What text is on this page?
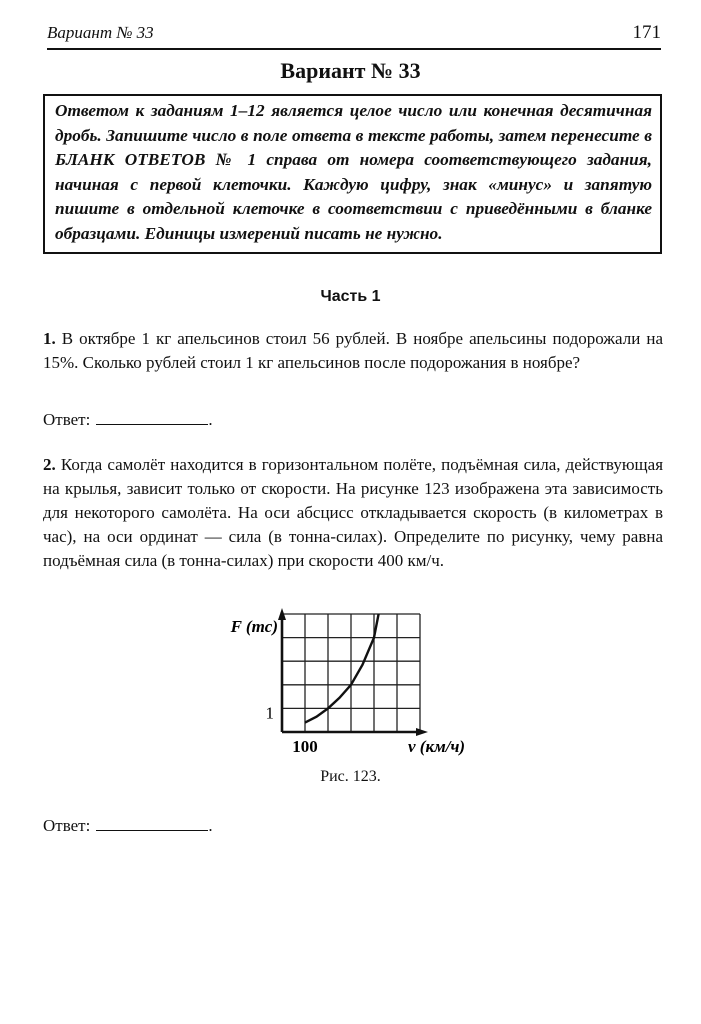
Вариант № 33	171
Вариант № 33
Ответом к заданиям 1–12 является целое число или конечная десятичная дробь. Запишите число в поле ответа в тексте работы, затем перенесите в БЛАНК ОТВЕТОВ № 1 справа от номера соответствующего задания, начиная с первой клеточки. Каждую цифру, знак «минус» и запятую пишите в отдельной клеточке в соответствии с приведёнными в бланке образцами. Единицы измерений писать не нужно.
Часть 1
1. В октябре 1 кг апельсинов стоил 56 рублей. В ноябре апельсины подорожали на 15%. Сколько рублей стоил 1 кг апельсинов после подорожания в ноябре?
Ответ:	.
2. Когда самолёт находится в горизонтальном полёте, подъёмная сила, действующая на крылья, зависит только от скорости. На рисунке 123 изображена эта зависимость для некоторого самолёта. На оси абсцисс откладывается скорость (в километрах в час), на оси ординат — сила (в тонна-силах). Определите по рисунку, чему равна подъёмная сила (в тонна-силах) при скорости 400 км/ч.
F (тс)
v (км/ч)
100
1
Рис. 123.
Ответ:	.
